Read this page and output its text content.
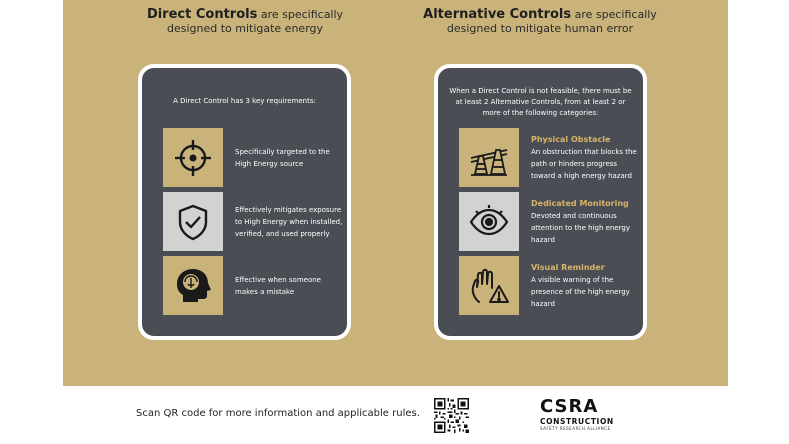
Direct Controls are specifically
designed to mitigate energy
Alternative Controls are specifically
designed to mitigate human error
A Direct Control has 3 key requirements:
Specifically targeted to the High Energy source
Effectively mitigates exposure to High Energy when installed, verified, and used properly
Effective when someone makes a mistake
When a Direct Control is not feasible, there must be at least 2 Alternative Controls, from at least 2 or more of the following categories:
Physical Obstacle
An obstruction that blocks the path or hinders progress toward a high energy hazard
Dedicated Monitoring
Devoted and continuous attention to the high energy hazard
Visual Reminder
A visible warning of the presence of the high energy hazard
Scan QR code for more information and applicable rules.	CSRA
CONSTRUCTION
SAFETY RESEARCH ALLIANCE
